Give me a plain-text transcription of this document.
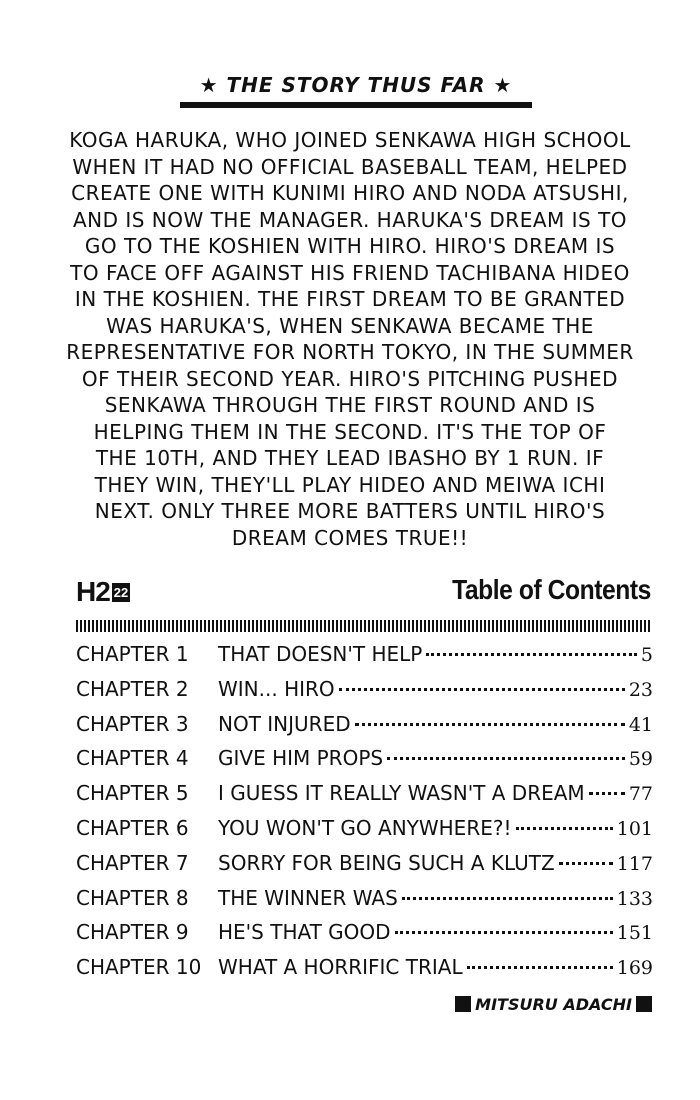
★ THE STORY THUS FAR ★

KOGA HARUKA, WHO JOINED SENKAWA HIGH SCHOOL

WHEN IT HAD NO OFFICIAL BASEBALL TEAM, HELPED

CREATE ONE WITH KUNIMI HIRO AND NODA ATSUSHI,

AND IS NOW THE MANAGER. HARUKA'S DREAM IS TO

GO TO THE KOSHIEN WITH HIRO. HIRO'S DREAM IS

TO FACE OFF AGAINST HIS FRIEND TACHIBANA HIDEO

IN THE KOSHIEN. THE FIRST DREAM TO BE GRANTED

WAS HARUKA'S, WHEN SENKAWA BECAME THE

REPRESENTATIVE FOR NORTH TOKYO, IN THE SUMMER

OF THEIR SECOND YEAR. HIRO'S PITCHING PUSHED

SENKAWA THROUGH THE FIRST ROUND AND IS

HELPING THEM IN THE SECOND. IT'S THE TOP OF

THE 10TH, AND THEY LEAD IBASHO BY 1 RUN. IF

THEY WIN, THEY'LL PLAY HIDEO AND MEIWA ICHI

NEXT. ONLY THREE MORE BATTERS UNTIL HIRO'S

DREAM COMES TRUE!!

H2 22	Table of Contents
CHAPTER 1	THAT DOESN'T HELP	5
CHAPTER 2	WIN... HIRO	23
CHAPTER 3	NOT INJURED	41
CHAPTER 4	GIVE HIM PROPS	59
CHAPTER 5	I GUESS IT REALLY WASN'T A DREAM 77
CHAPTER 6	YOU WON'T GO ANYWHERE?!	101
CHAPTER 7	SORRY FOR BEING SUCH A KLUTZ	117
CHAPTER 8	THE WINNER WAS	133
CHAPTER 9	HE'S THAT GOOD	151
CHAPTER 10 WHAT A HORRIFIC TRIAL	169
MITSURU ADACHI
